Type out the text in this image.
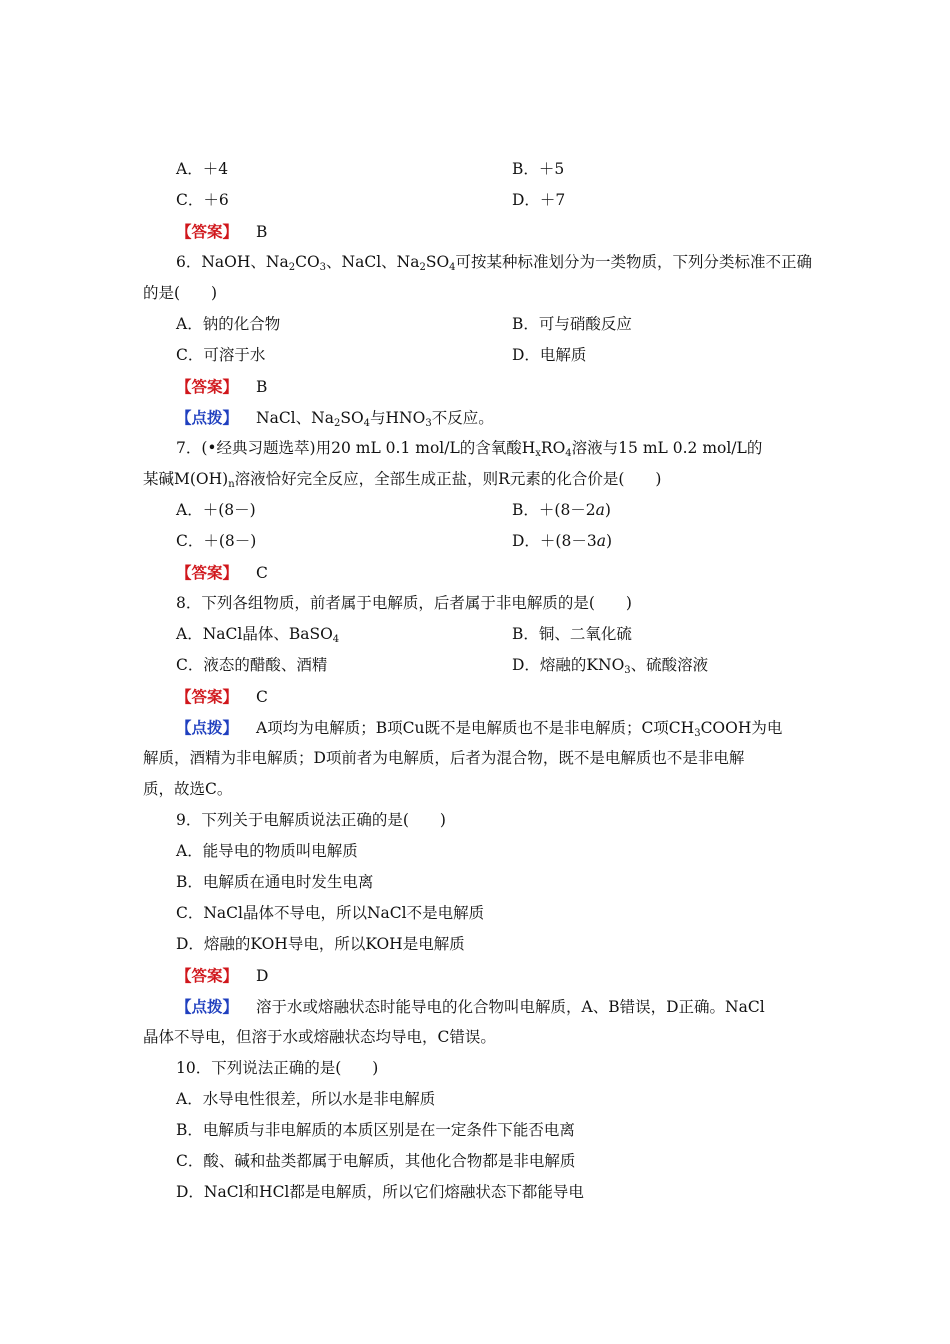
A．＋4	B．＋5
C．＋6	D．＋7
【答案】 B
6．NaOH、$Na_2CO_3$、NaCl、$Na_2SO_4$可按某种标准划分为一类物质，下列分类标准不正确
的是(　　)
A．钠的化合物	B．可与硝酸反应
C．可溶于水	D．电解质
【答案】 B
【点拨】 NaCl、$Na_2SO_4$与$HNO_3$不反应。
7．(•经典习题选萃)用20 mL 0.1 mol/L的含氧酸$H_xRO_4$溶液与15 mL 0.2 mol/L的
某碱$M(OH)_n$溶液恰好完全反应，全部生成正盐，则R元素的化合价是(　　)
A．＋(8－)	B．＋(8－2a)
C．＋(8－)	D．＋(8－3a)
【答案】 C
8．下列各组物质，前者属于电解质，后者属于非电解质的是(　　)
A．NaCl晶体、BaSO$_4$	B．铜、二氧化硫
C．液态的醋酸、酒精	D．熔融的$KNO_3$、硫酸溶液
【答案】 C
【点拨】 A项均为电解质；B项Cu既不是电解质也不是非电解质；C项$CH_3COOH$为电
解质，酒精为非电解质；D项前者为电解质，后者为混合物，既不是电解质也不是非电解
质，故选C。
9．下列关于电解质说法正确的是(　　)
A．能导电的物质叫电解质
B．电解质在通电时发生电离
C．NaCl晶体不导电，所以NaCl不是电解质
D．熔融的KOH导电，所以KOH是电解质
【答案】 D
【点拨】 溶于水或熔融状态时能导电的化合物叫电解质，A、B错误，D正确。NaCl
晶体不导电，但溶于水或熔融状态均导电，C错误。
10．下列说法正确的是(　　)
A．水导电性很差，所以水是非电解质
B．电解质与非电解质的本质区别是在一定条件下能否电离
C．酸、碱和盐类都属于电解质，其他化合物都是非电解质
D．NaCl和HCl都是电解质，所以它们熔融状态下都能导电
